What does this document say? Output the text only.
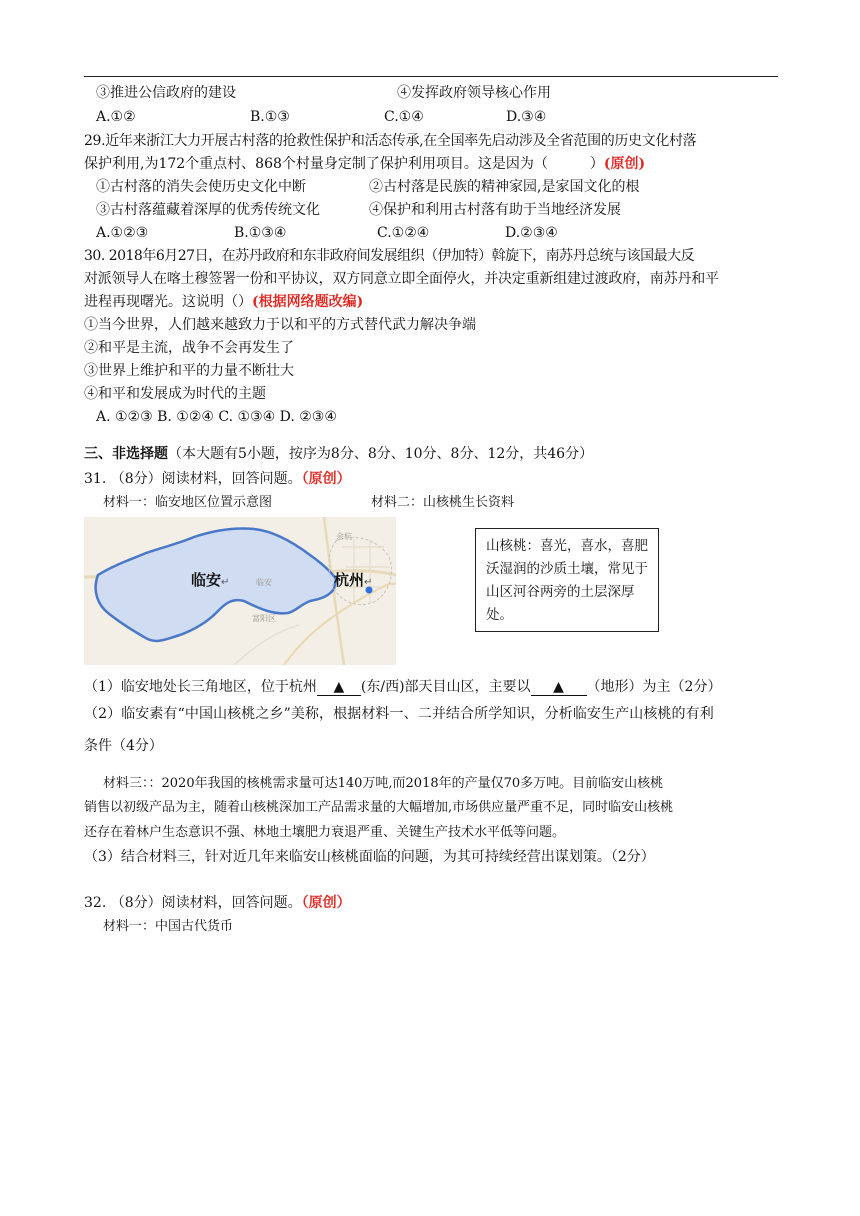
③推进公信政府的建设	④发挥政府领导核心作用
A.①②	B.①③	C.①④	D.③④
29.近年来浙江大力开展古村落的抢救性保护和活态传承,在全国率先启动涉及全省范围的历史文化村落
保护利用,为172个重点村、868个村量身定制了保护利用项目。这是因为（　　　）(原创)
①古村落的消失会使历史文化中断	②古村落是民族的精神家园,是家国文化的根
③古村落蕴藏着深厚的优秀传统文化	④保护和利用古村落有助于当地经济发展
A.①②③	B.①③④	C.①②④	D.②③④
30. 2018年6月27日，在苏丹政府和东非政府间发展组织（伊加特）斡旋下，南苏丹总统与该国最大反
对派领导人在喀土穆签署一份和平协议，双方同意立即全面停火，并决定重新组建过渡政府，南苏丹和平
进程再现曙光。这说明（）(根据网络题改编)
①当今世界，人们越来越致力于以和平的方式替代武力解决争端
②和平是主流，战争不会再发生了
③世界上维护和平的力量不断壮大
④和平和发展成为时代的主题
A. ①②③ B. ①②④ C. ①③④ D. ②③④
三、非选择题（本大题有5小题，按序为8分、8分、10分、8分、12分，共46分）
31. （8分）阅读材料，回答问题。（原创）
材料一：临安地区位置示意图	材料二：山核桃生长资料
临安↵	杭州↵
富阳区
余杭
临安
山核桃：喜光，喜水，喜肥沃湿润的沙质土壤，常见于山区河谷两旁的土层深厚处。
（1）临安地处长三角地区，位于杭州 ▲ (东/西)部天目山区，主要以 ▲ （地形）为主（2分）
（2）临安素有“中国山核桃之乡”美称，根据材料一、二并结合所学知识，分析临安生产山核桃的有利
条件（4分）
材料三：：2020年我国的核桃需求量可达140万吨,而2018年的产量仅70多万吨。目前临安山核桃
销售以初级产品为主，随着山核桃深加工产品需求量的大幅增加,市场供应量严重不足，同时临安山核桃
还存在着林户生态意识不强、林地土壤肥力衰退严重、关键生产技术水平低等问题。
（3）结合材料三，针对近几年来临安山核桃面临的问题，为其可持续经营出谋划策。（2分）
32. （8分）阅读材料，回答问题。（原创）
材料一：中国古代货币
